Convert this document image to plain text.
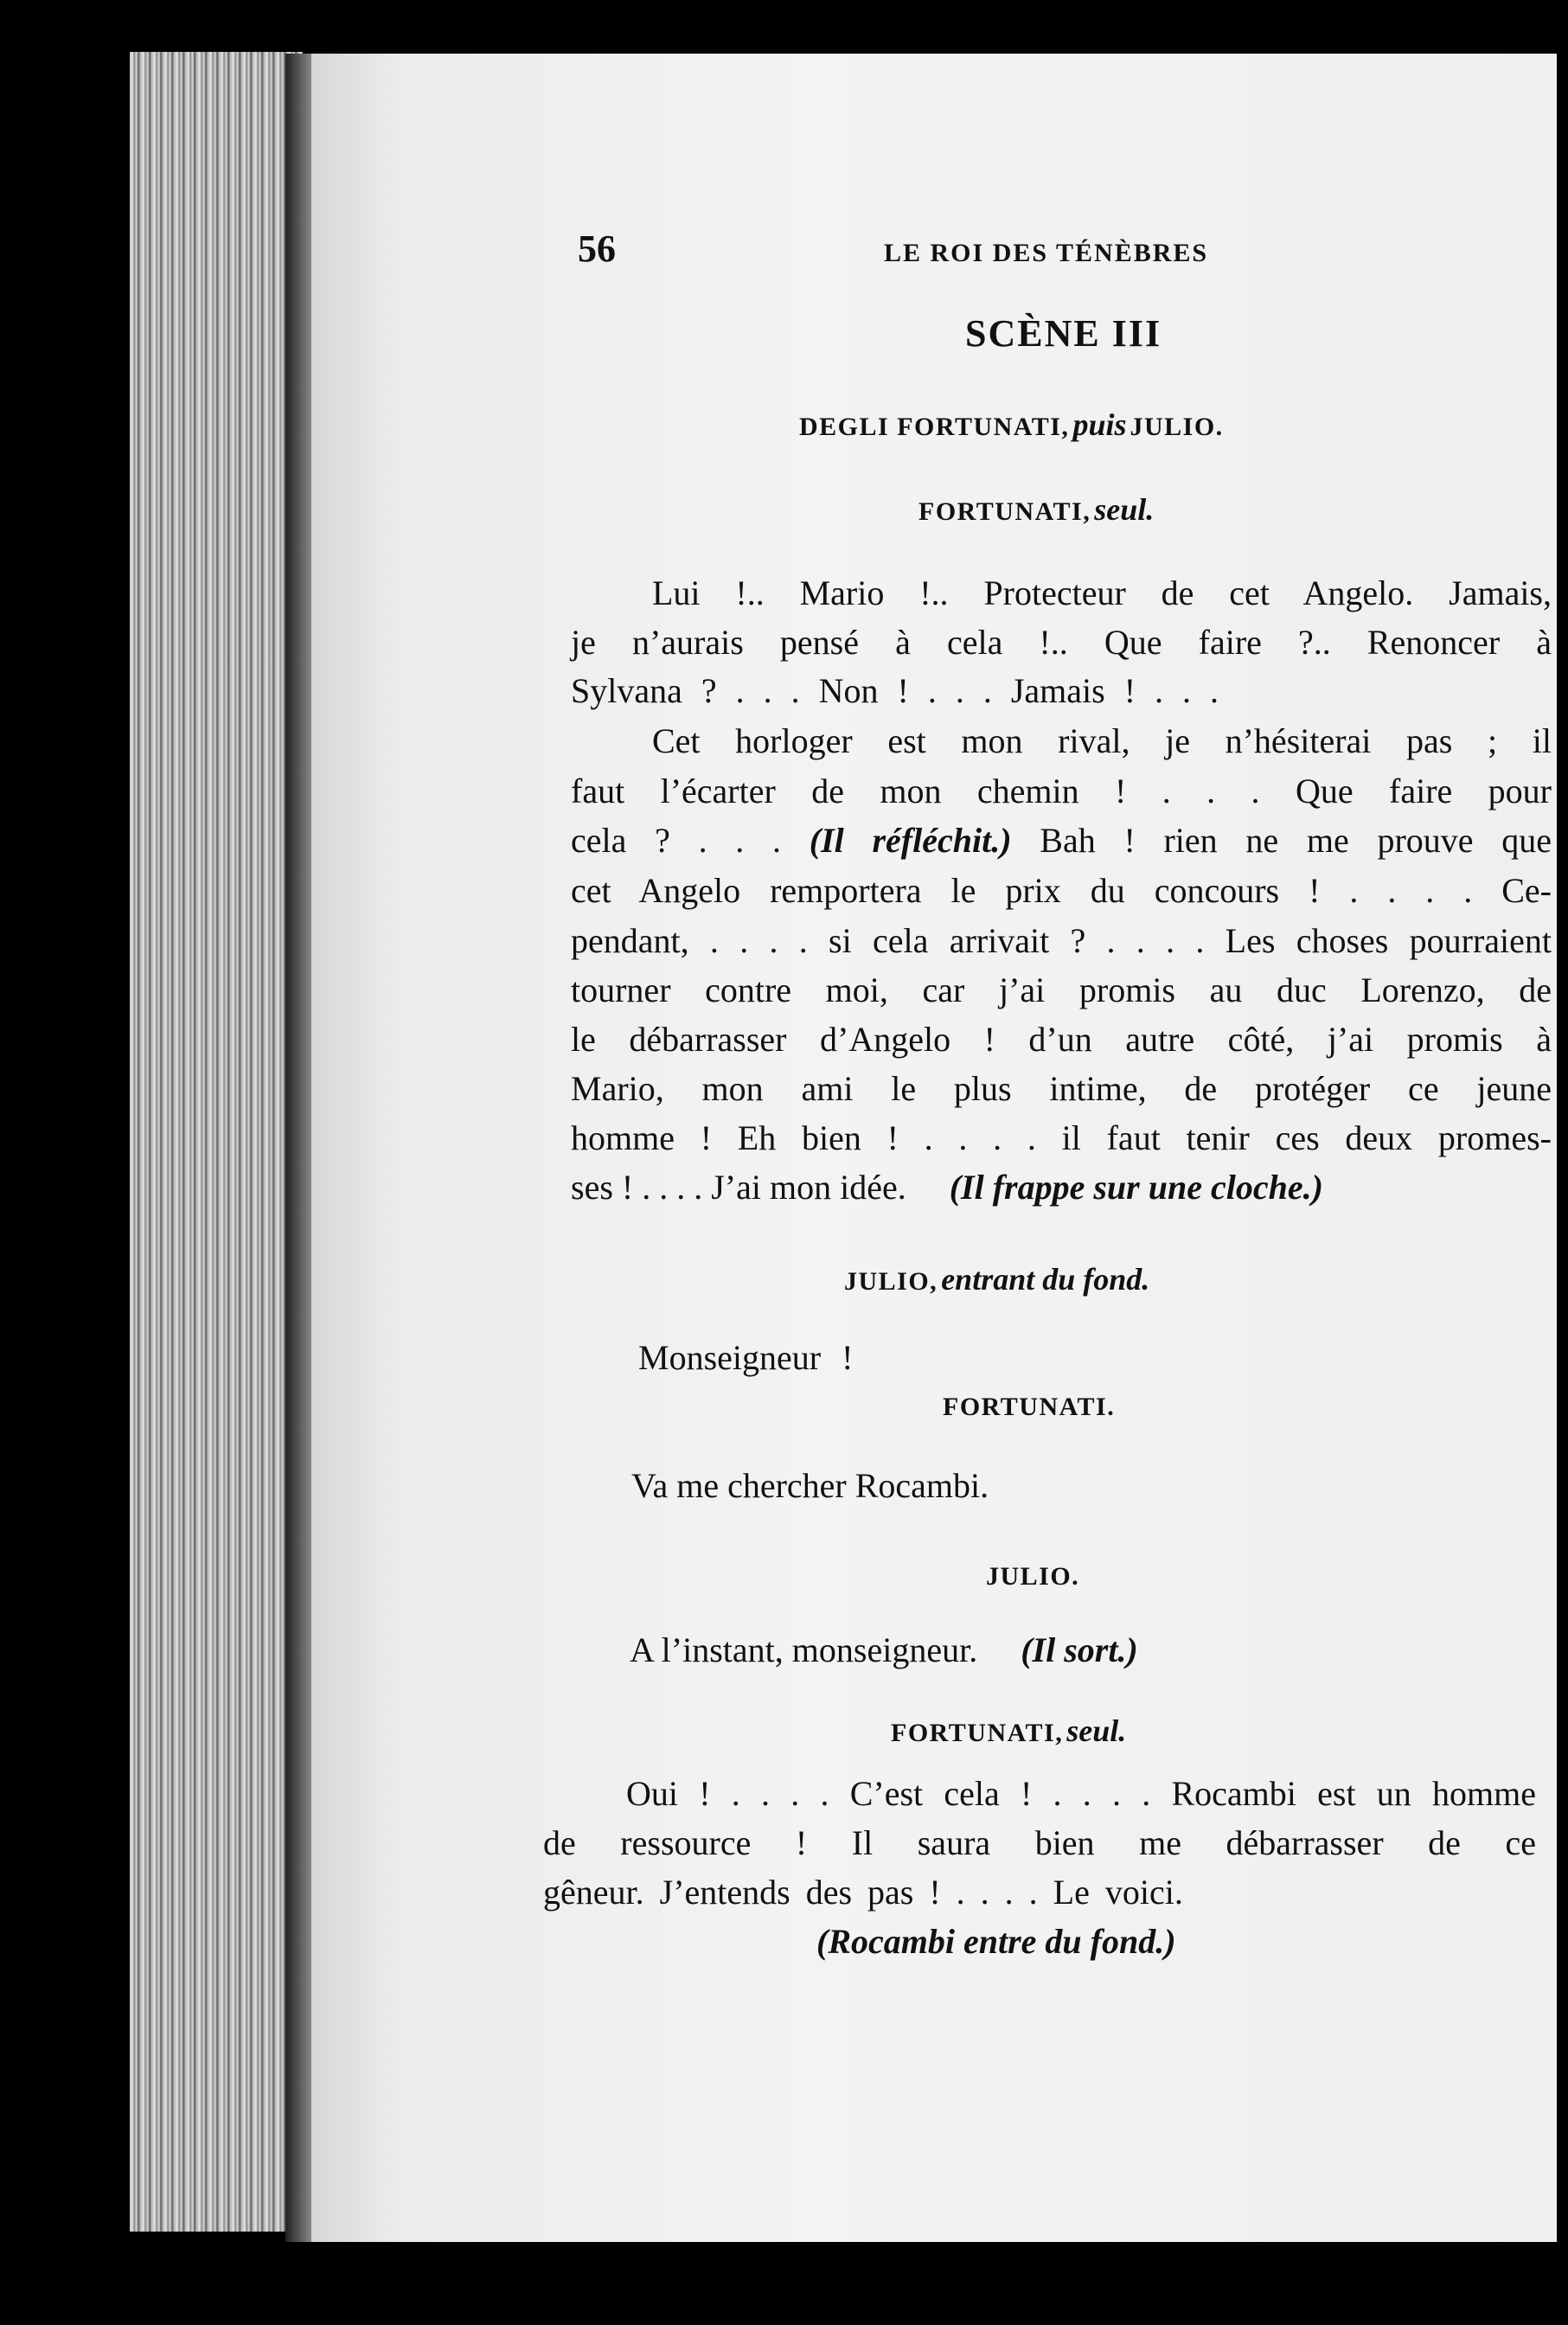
56	LE ROI DES TÉNÈBRES
SCÈNE III
DEGLI FORTUNATI, puis JULIO.
FORTUNATI, seul.
Lui !.. Mario !.. Protecteur de cet Angelo. Jamais,
je n’aurais pensé à cela !.. Que faire ?.. Renoncer à
Sylvana ? . . . Non ! . . . Jamais ! . . .
Cet horloger est mon rival, je n’hésiterai pas ; il
faut l’écarter de mon chemin ! . . . Que faire pour
cela ? . . . (Il réfléchit.) Bah ! rien ne me prouve que
cet Angelo remportera le prix du concours ! . . . . Ce-
pendant, . . . . si cela arrivait ? . . . . Les choses pourraient
tourner contre moi, car j’ai promis au duc Lorenzo, de
le débarrasser d’Angelo ! d’un autre côté, j’ai promis à
Mario, mon ami le plus intime, de protéger ce jeune
homme ! Eh bien ! . . . . il faut tenir ces deux promes-
ses ! . . . . J’ai mon idée. (Il frappe sur une cloche.)
JULIO, entrant du fond.
Monseigneur !
FORTUNATI.
Va me chercher Rocambi.
JULIO.
A l’instant, monseigneur. (Il sort.)
FORTUNATI, seul.
Oui ! . . . . C’est cela ! . . . . Rocambi est un homme
de ressource ! Il saura bien me débarrasser de ce
gêneur. J’entends des pas ! . . . . Le voici.
(Rocambi entre du fond.)
